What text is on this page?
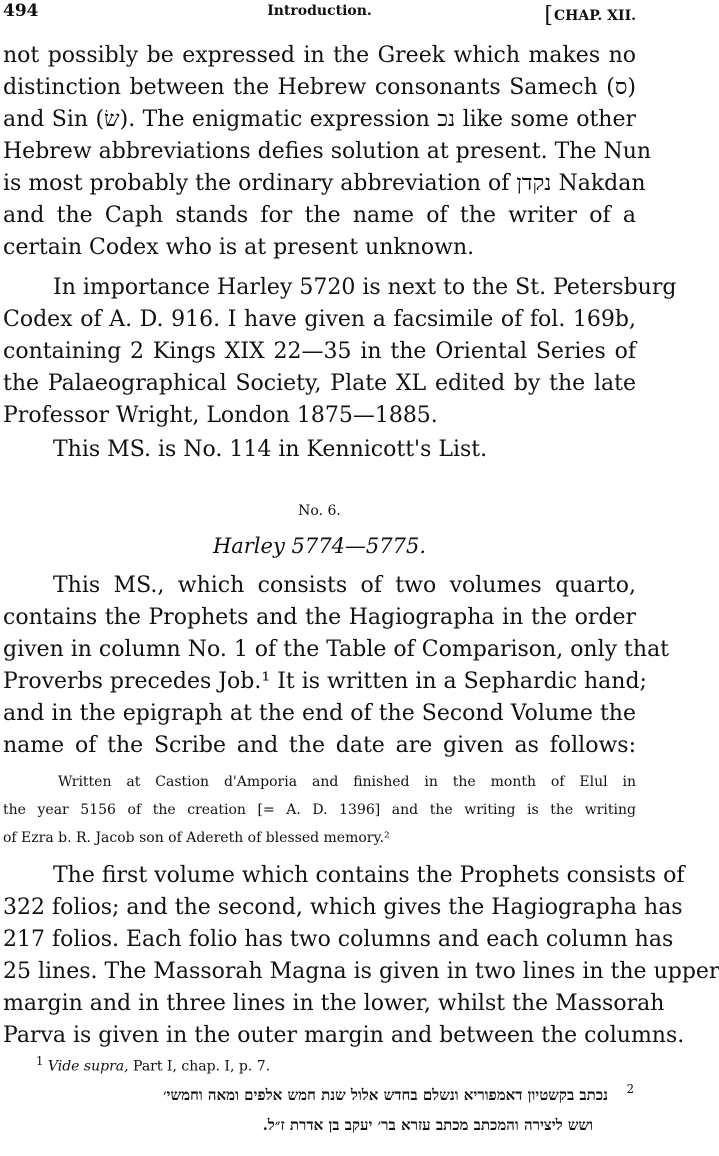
494	Introduction.	[CHAP. XII.
not possibly be expressed in the Greek which makes no
distinction between the Hebrew consonants Samech (ס)
and Sin (שׂ). The enigmatic expression נכ like some other
Hebrew abbreviations defies solution at present. The Nun
is most probably the ordinary abbreviation of נקדן Nakdan
and the Caph stands for the name of the writer of a
certain Codex who is at present unknown.
In importance Harley 5720 is next to the St. Petersburg
Codex of A. D. 916. I have given a facsimile of fol. 169b,
containing 2 Kings XIX 22—35 in the Oriental Series of
the Palaeographical Society, Plate XL edited by the late
Professor Wright, London 1875—1885.
This MS. is No. 114 in Kennicott's List.
No. 6.
Harley 5774—5775.
This MS., which consists of two volumes quarto,
contains the Prophets and the Hagiographa in the order
given in column No. 1 of the Table of Comparison, only that
Proverbs precedes Job.¹ It is written in a Sephardic hand;
and in the epigraph at the end of the Second Volume the
name of the Scribe and the date are given as follows:
Written at Castion d'Amporia and finished in the month of Elul in
the year 5156 of the creation [= A. D. 1396] and the writing is the writing
of Ezra b. R. Jacob son of Adereth of blessed memory.²
The first volume which contains the Prophets consists of
322 folios; and the second, which gives the Hagiographa has
217 folios. Each folio has two columns and each column has
25 lines. The Massorah Magna is given in two lines in the upper
margin and in three lines in the lower, whilst the Massorah
Parva is given in the outer margin and between the columns.
$^1$ Vide supra, Part I, chap. I, p. 7.
נכתב בקשטיון דאמפוריא ונשלם בחדש אלול שנת חמש אלפים ומאה וחמשי׳ 2
ושש ליצירה והמכתב מכתב עזרא בר׳ יעקב בן אדרת ז״ל.
